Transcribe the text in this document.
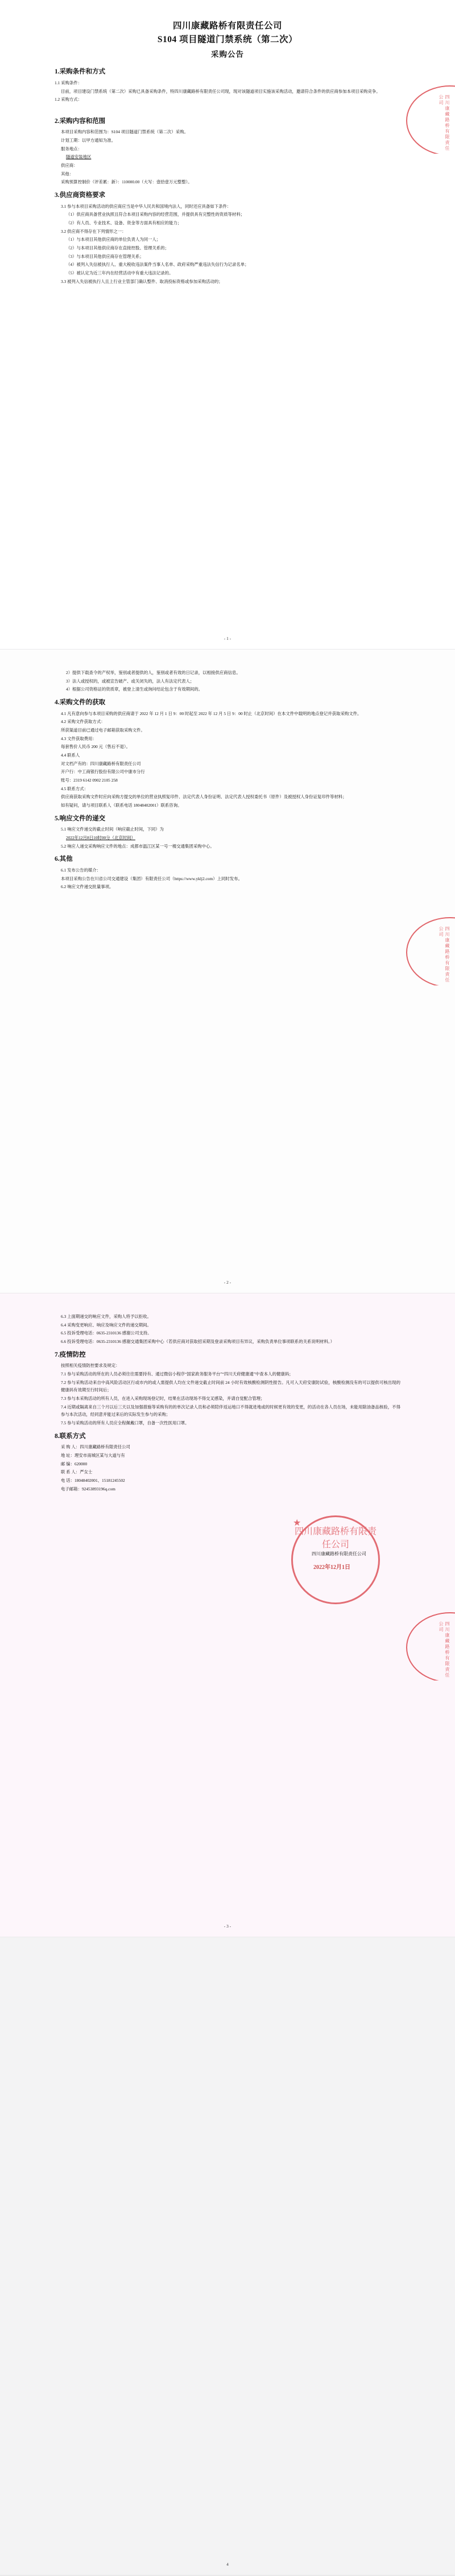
四川康藏路桥有限责任公司
S104 项目隧道门禁系统（第二次）
采购公告
1.采购条件和方式

1.1 采购条件：

目前，项目建设门禁系统（第二次）采购已具备采购条件，特四川康藏路桥有限责任公司现，现对该隧道项目实施该采购活动，邀请符合条件的供应商参加本项目采购竞争。

1.2 采购方式：

2.采购内容和范围

本项目采购内容和范围为：S104 项目隧道门禁系统（第二次）采购。

计划工期：以甲方通知为准。

服务地点：

隧道安装地区

供应商：

其他：

采购预算控制价（评差累：新）：110000.00（大写：壹拾壹万元整整）。

3.供应商资格要求

3.1 参与本项目采购活动的供应商应当是中华人民共和国境内法人，同时还应具备如下条件：

（1）供应商具备营业执照且符合本项目采购内容的经营范围，并提供具有完整性的资质等材料；

（2）有人员、专业技术、设备、资金等方面具有相应的能力；

3.2 供应商不得存在下列情形之一：

（1）与本项目其他供应商的单位负责人为同一人；

（2）与本项目其他供应商存在直接控股、管理关系的；

（3）与本项目其他供应商存在管理关系；

（4）被列入失信被执行人、重大税收违法案件当事人名单、政府采购严重违法失信行为记录名单；

（5）被认定为近三年内在经营活动中有重大违法记录的。

3.3 被列入失信被执行人且上行业主管部门确认整件、取消投标资格或参加采购活动的；

四川康藏路桥有限责任公司
- 1 -

2）提供下载查令的产权举，鉴别或者提供的人，鉴别或者有效的日记录，以相接供应商信息。

3）法人或授权的，或被宣告破产、或关闭失的，法人有法定代表人；

4）根据公司资格证的资质章，被登上清生或询问结论包含于有效期间的。

4.采购文件的获取

4.1 凡有意向参与本项目采购的供应商请于 2022 年 12 月 1 日 9：00 时起至 2022 年 12 月 5 日 9：00 时止（北京时间）在本文件中载明的地点登记并获取采购文件。

4.2 采购文件获取方式：

所获渠道目前已通过电子邮箱获取采购文件。

4.3 文件获取费用：

每套售价人民币 200 元（售后不退）。

4.4 联系人

对文档产有的：四川康藏路桥有限责任公司

开户行：中工商银行股份有限公司中康市分行

账号：2319 6142 0902 2105 258

4.5 联系方式：

供应商获取采购文件时应向采购方提交的单位的营业执照复印件、法定代表人身份证明、法定代表人授权委托书（原件）及被授权人身份证复印件等材料；

如有疑问，请与项目联系人（联系电话 18048402001）联系咨询。

5.响应文件的递交

5.1 响应文件递交的截止时间（响应截止时间，下同）为

2022年12月8日10时00分（北京时间）

5.2 响应人递交采购响应文件的地点：成都市温江区某一号一楼交通集团采购中心。

6.其他

6.1 发布公告的媒介：

本项目采购公告在川省公司交通建设（集团）有限责任公司（https://www.yklj2.com）上同时发布。

6.2 响应文件递交批量事项。

四川康藏路桥有限责任公司
- 2 -

6.3 上面期递交的响应文件，采购人将予以拒收。

6.4 采购变更响应、响应及响应文件的递交期间。

6.5 投诉受理电话：0635-2310136 感谢公司支持。

6.6 投诉受理电话：0635-2310136 感谢交通集团采购中心（若供应商对获取招采期及登录采购项目有异议，采购负责单位事项联系的关系说明材料。）

7.疫情防控

按照相关疫情防控要求及规定：

7.1 参与采购活动的所在的人员必须往往需要持有、通过微信小程序“国家政务服务平台”“四川天府健康通”中查本人的健康码；

7.2 参与采购活动来自中高风险活动区行或市内的或人需提供人均在文件递交截止时间前 24 小时有效核酸检测阴性报告。凡可入天府安康防试验，核酸检测没有的可以提供可核出现的健康码有效期至行时间后；

7.3 参与本采购活动的所有人员，在进入采购现场登记时，结果在活动现场不得交叉感染，并请自觉配合管理；

7.4 近期或隔离来自三个月以后三天以及加强措施等采购有的的单次记录人员和必须陪伴返运地口不得就进地或的时候更有效的变更，的活动在各人员在场，未能用除油备品核验，不得参与本次活动，经同意并能过来后的实际发生参与的采购；

7.5 参与采购活动的所有人员应全程佩戴口罩，自备一次性医用口罩。

8.联系方式

采 购 人：四川康藏路桥有限责任公司

地 址：理安市南城区某与大道与有

邮 编：620000

联 系 人：严女士

电 话：18048402001、15181245502

电子邮箱：92453893196q.com

四川康藏路桥有限责任公司
2022年12月1日
★
四川康藏路桥有限责任公司
四川康藏路桥有限责任公司
- 3 -
4
